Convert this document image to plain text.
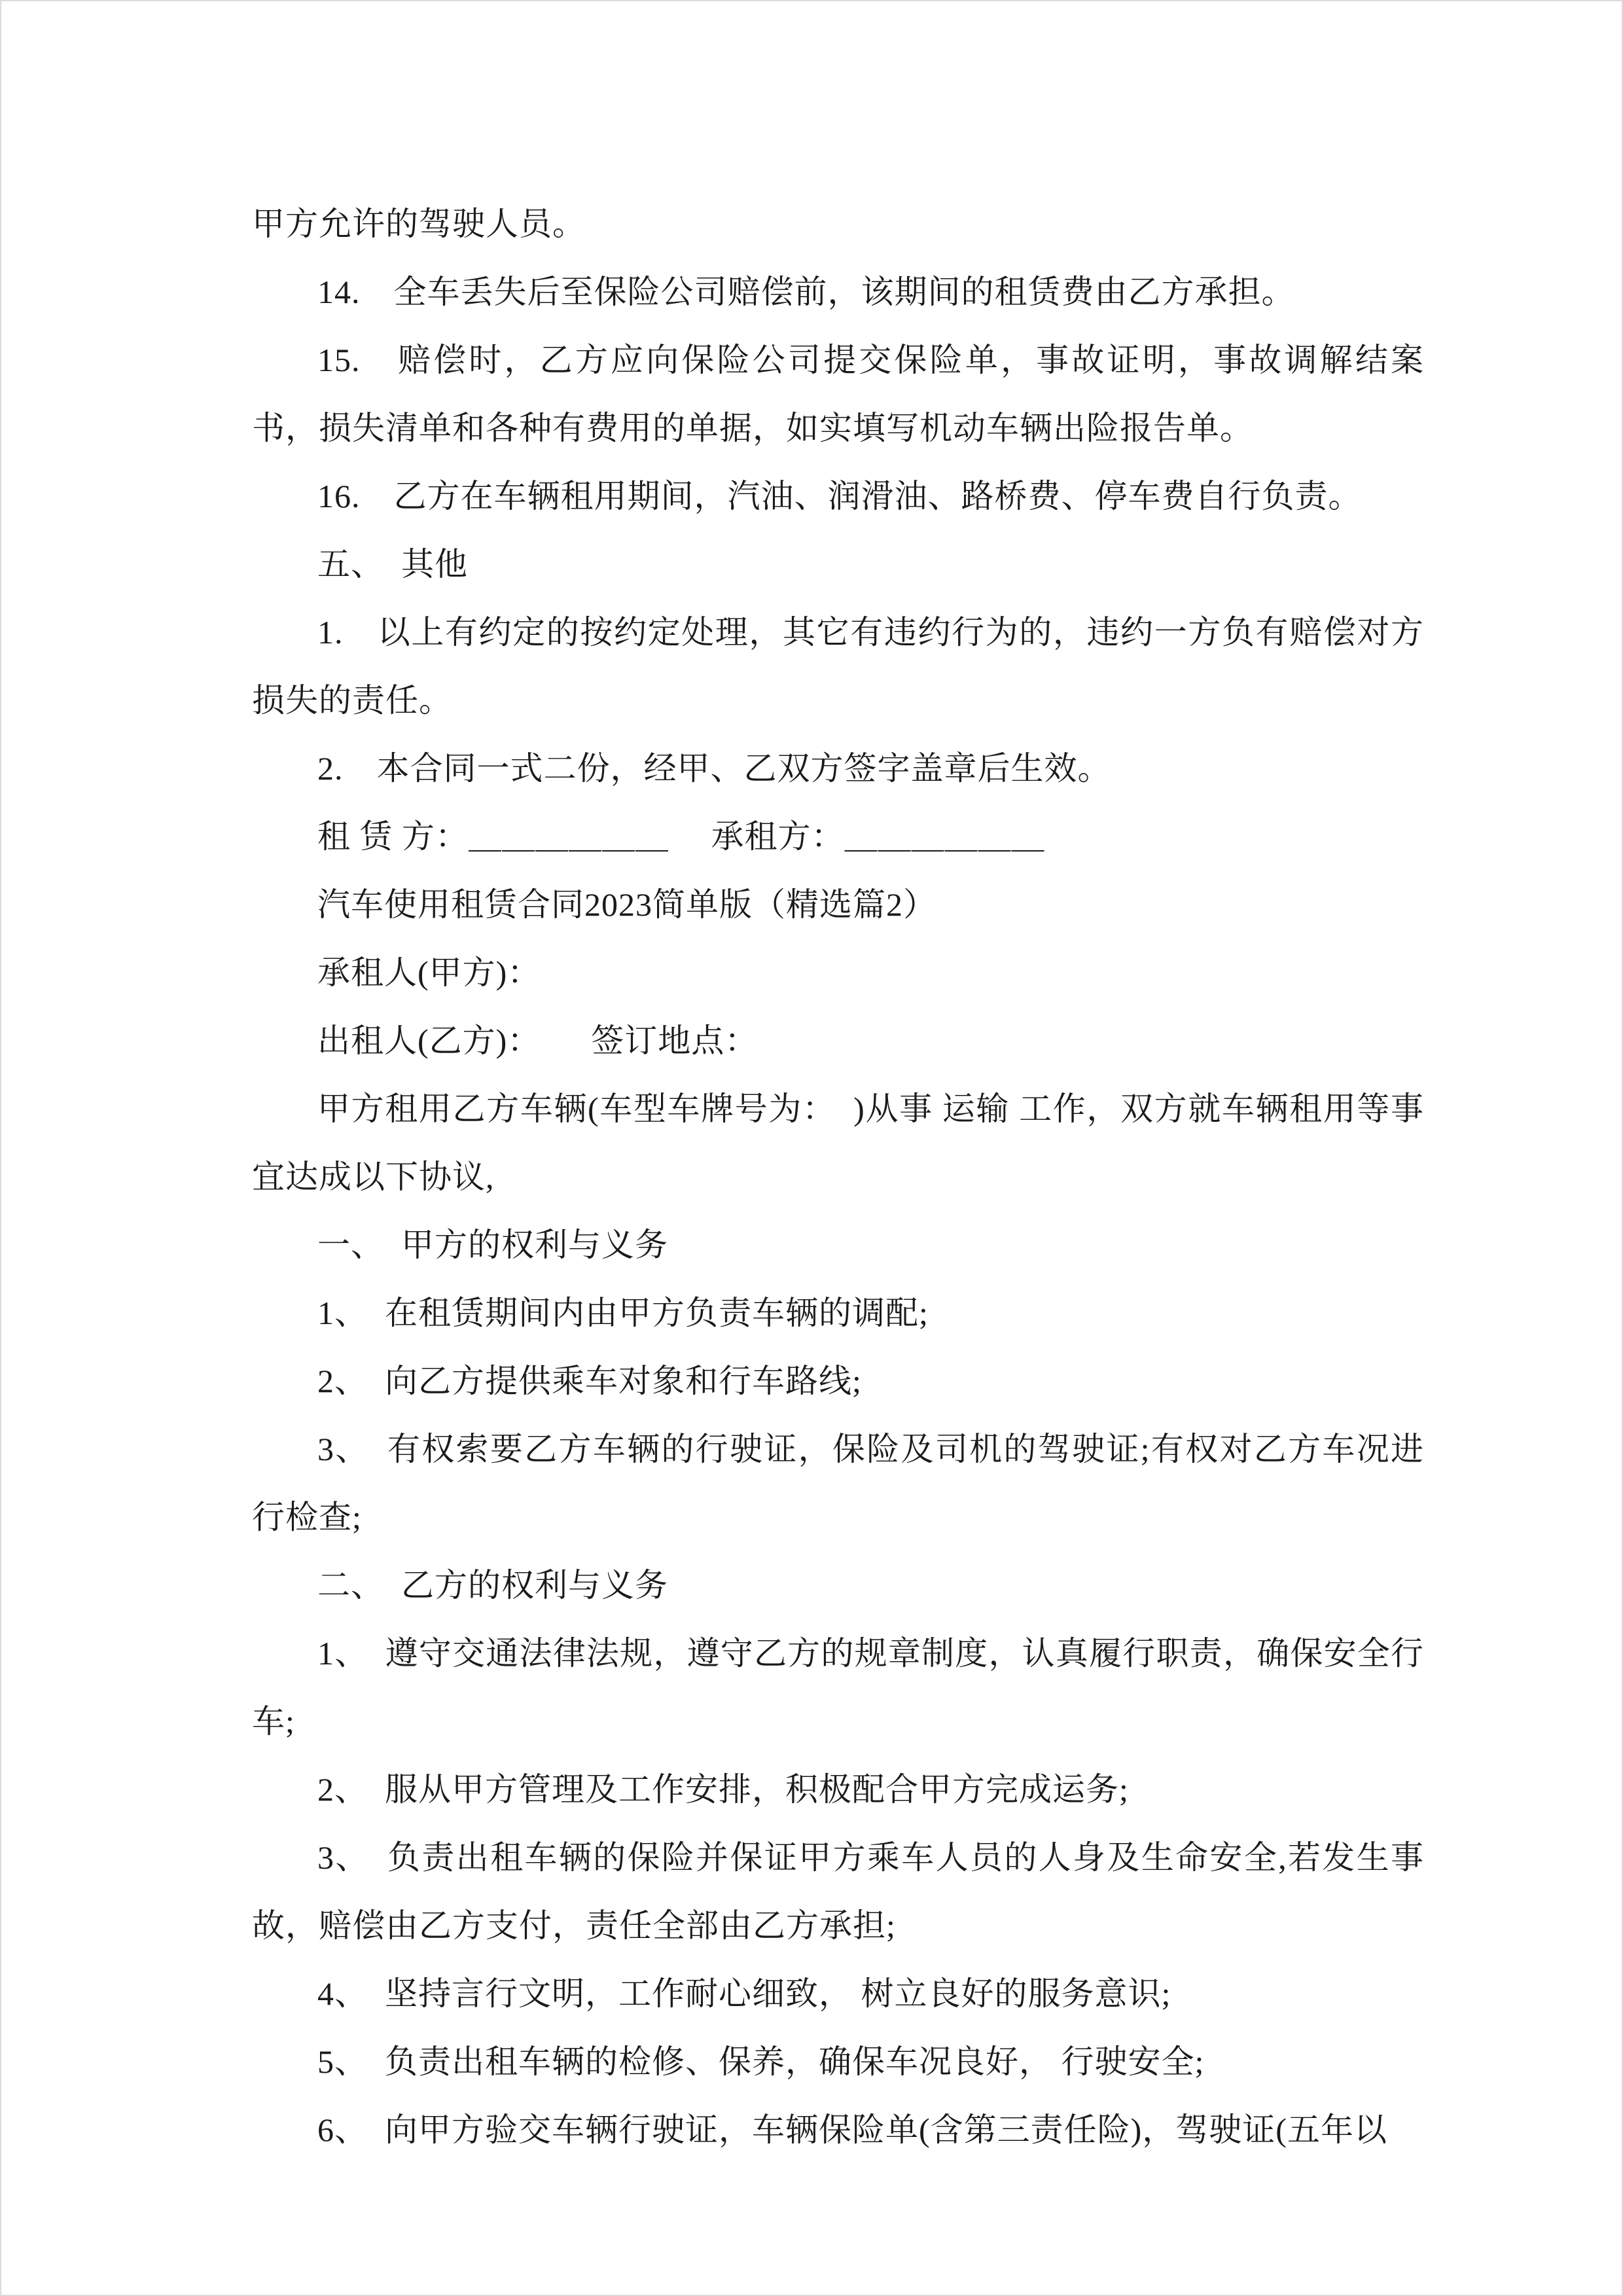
甲方允许的驾驶人员。

14.　全车丢失后至保险公司赔偿前，该期间的租赁费由乙方承担。

15.　赔偿时，乙方应向保险公司提交保险单，事故证明，事故调解结案书，损失清单和各种有费用的单据，如实填写机动车辆出险报告单。

16.　乙方在车辆租用期间，汽油、润滑油、路桥费、停车费自行负责。

五、　其他

1.　以上有约定的按约定处理，其它有违约行为的，违约一方负有赔偿对方损失的责任。

2.　本合同一式二份，经甲、乙双方签字盖章后生效。

租 赁 方：＿＿＿＿＿＿　 承租方：＿＿＿＿＿＿

汽车使用租赁合同2023简单版（精选篇2）

承租人(甲方)：

出租人(乙方)：　　签订地点：

甲方租用乙方车辆(车型车牌号为：　)从事 运输 工作，双方就车辆租用等事宜达成以下协议,

一、　甲方的权利与义务

1、　在租赁期间内由甲方负责车辆的调配;

2、　向乙方提供乘车对象和行车路线;

3、　有权索要乙方车辆的行驶证，保险及司机的驾驶证;有权对乙方车况进行检查;

二、　乙方的权利与义务

1、　遵守交通法律法规，遵守乙方的规章制度，认真履行职责，确保安全行车;

2、　服从甲方管理及工作安排，积极配合甲方完成运务;

3、　负责出租车辆的保险并保证甲方乘车人员的人身及生命安全,若发生事故，赔偿由乙方支付，责任全部由乙方承担;

4、　坚持言行文明，工作耐心细致， 树立良好的服务意识;

5、　负责出租车辆的检修、保养，确保车况良好， 行驶安全;

6、　向甲方验交车辆行驶证，车辆保险单(含第三责任险)，驾驶证(五年以
